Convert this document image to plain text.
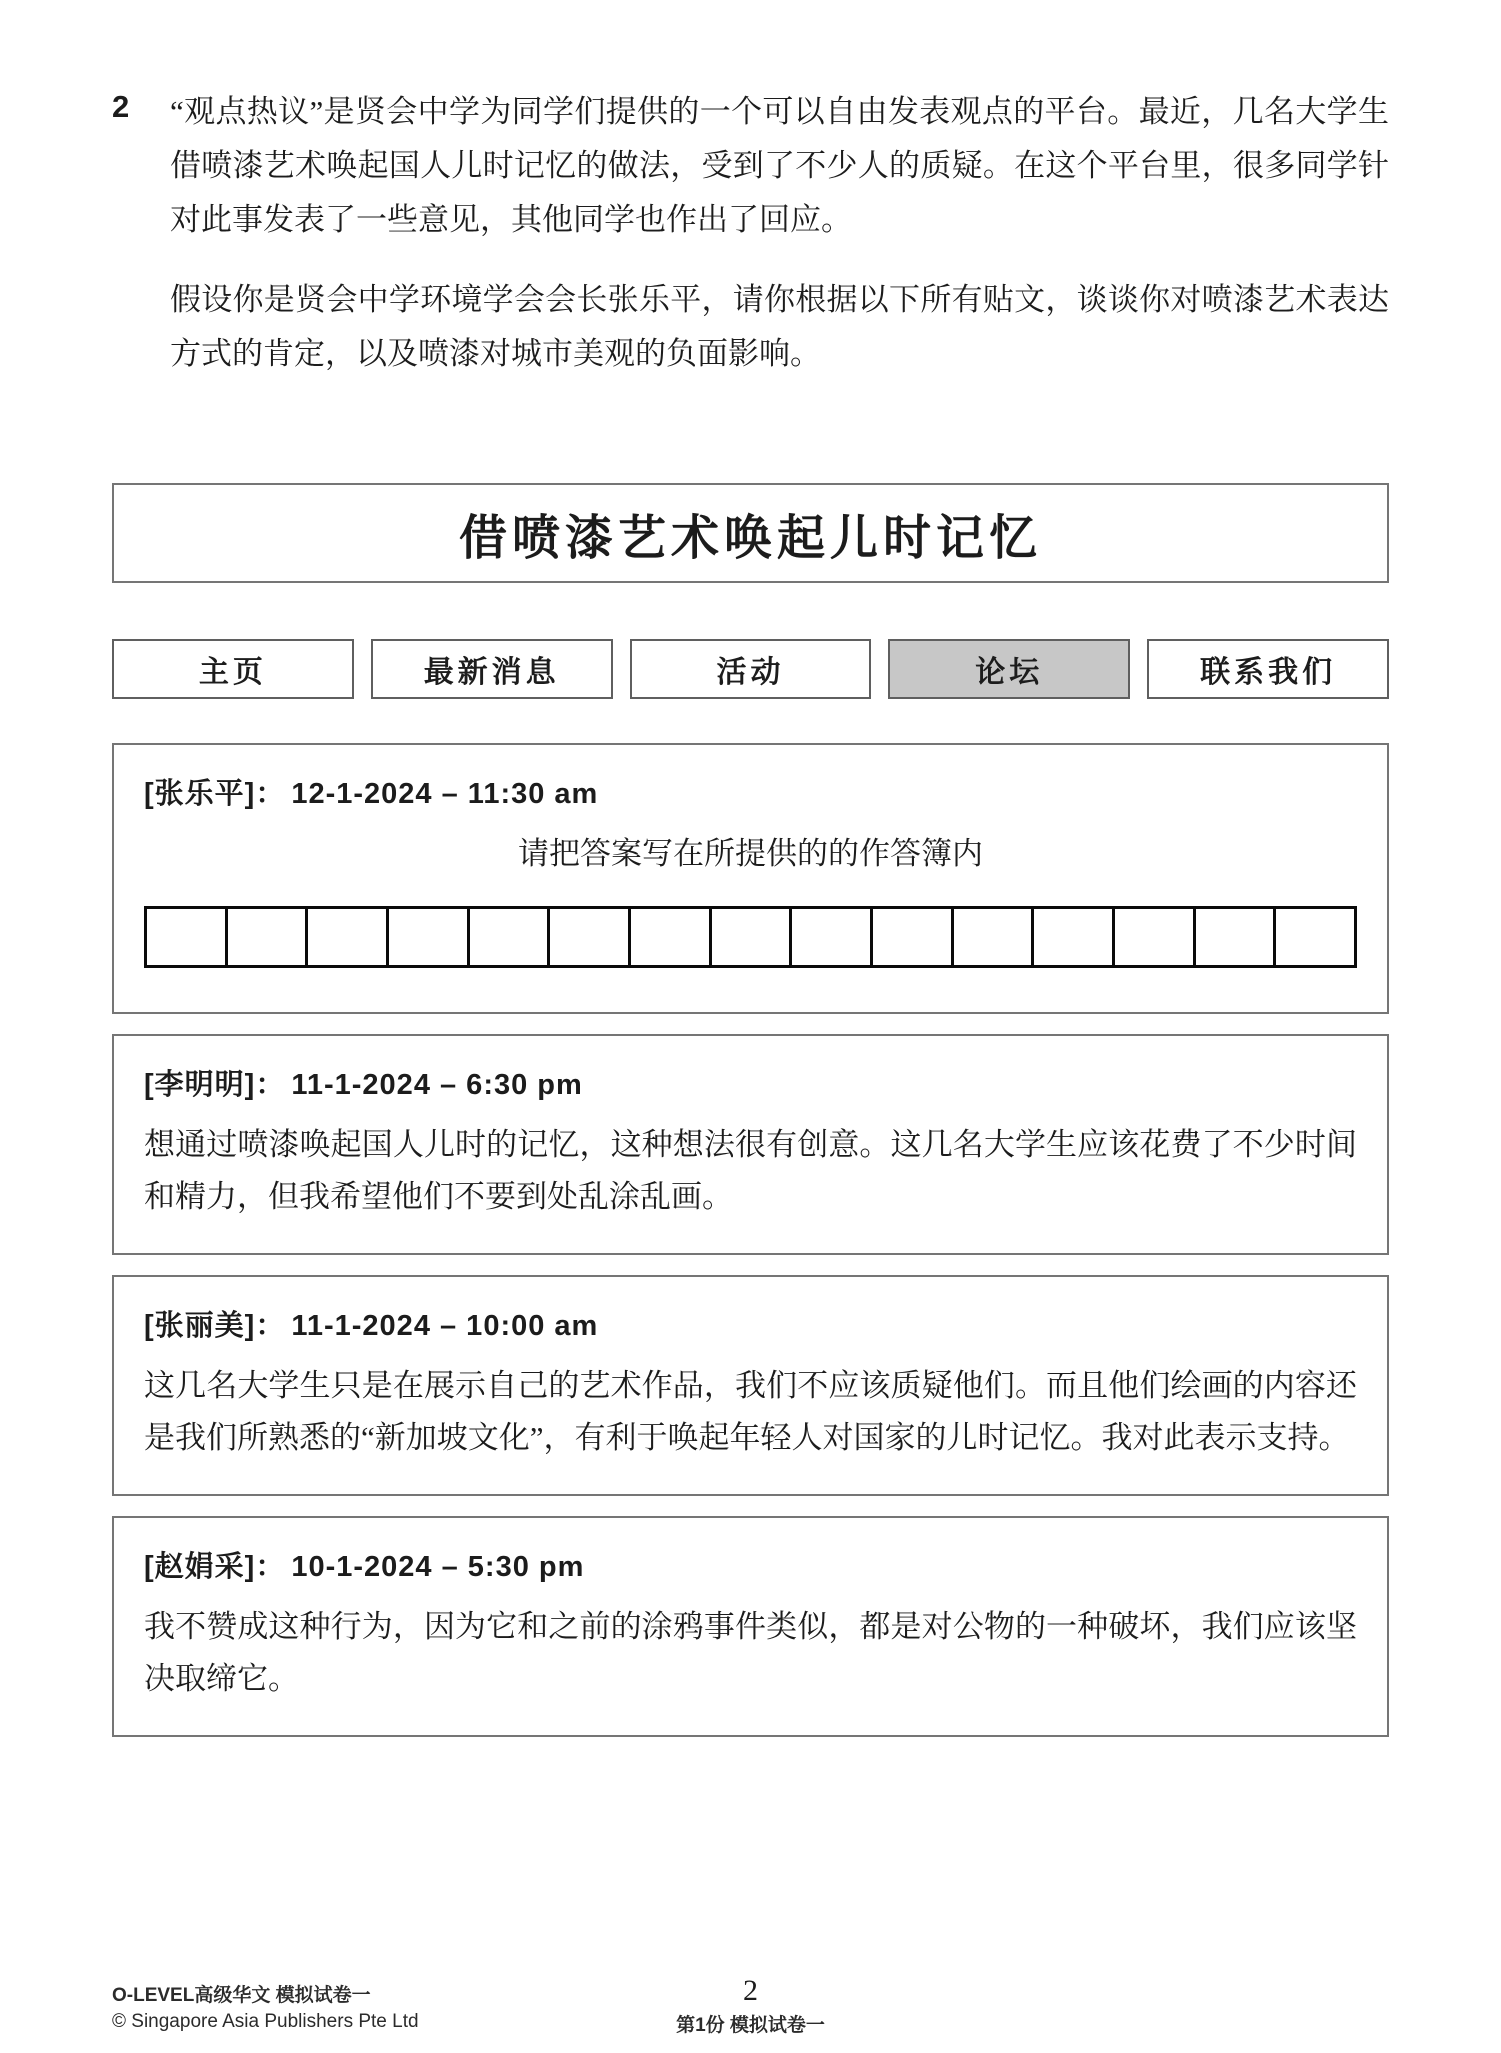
2	“观点热议”是贤会中学为同学们提供的一个可以自由发表观点的平台。最近，几名大学生借喷漆艺术唤起国人儿时记忆的做法，受到了不少人的质疑。在这个平台里，很多同学针对此事发表了一些意见，其他同学也作出了回应。

假设你是贤会中学环境学会会长张乐平，请你根据以下所有贴文，谈谈你对喷漆艺术表达方式的肯定，以及喷漆对城市美观的负面影响。

借喷漆艺术唤起儿时记忆
主页	最新消息	活动	论坛	联系我们
[张乐平]： 12-1-2024 – 11:30 am

请把答案写在所提供的的作答簿内

[李明明]： 11-1-2024 – 6:30 pm

想通过喷漆唤起国人儿时的记忆，这种想法很有创意。这几名大学生应该花费了不少时间和精力，但我希望他们不要到处乱涂乱画。

[张丽美]： 11-1-2024 – 10:00 am

这几名大学生只是在展示自己的艺术作品，我们不应该质疑他们。而且他们绘画的内容还是我们所熟悉的“新加坡文化”，有利于唤起年轻人对国家的儿时记忆。我对此表示支持。

[赵娟采]： 10-1-2024 – 5:30 pm

我不赞成这种行为，因为它和之前的涂鸦事件类似，都是对公物的一种破坏，我们应该坚决取缔它。

O-LEVEL高级华文 模拟试卷一
© Singapore Asia Publishers Pte Ltd
2
第1份 模拟试卷一
